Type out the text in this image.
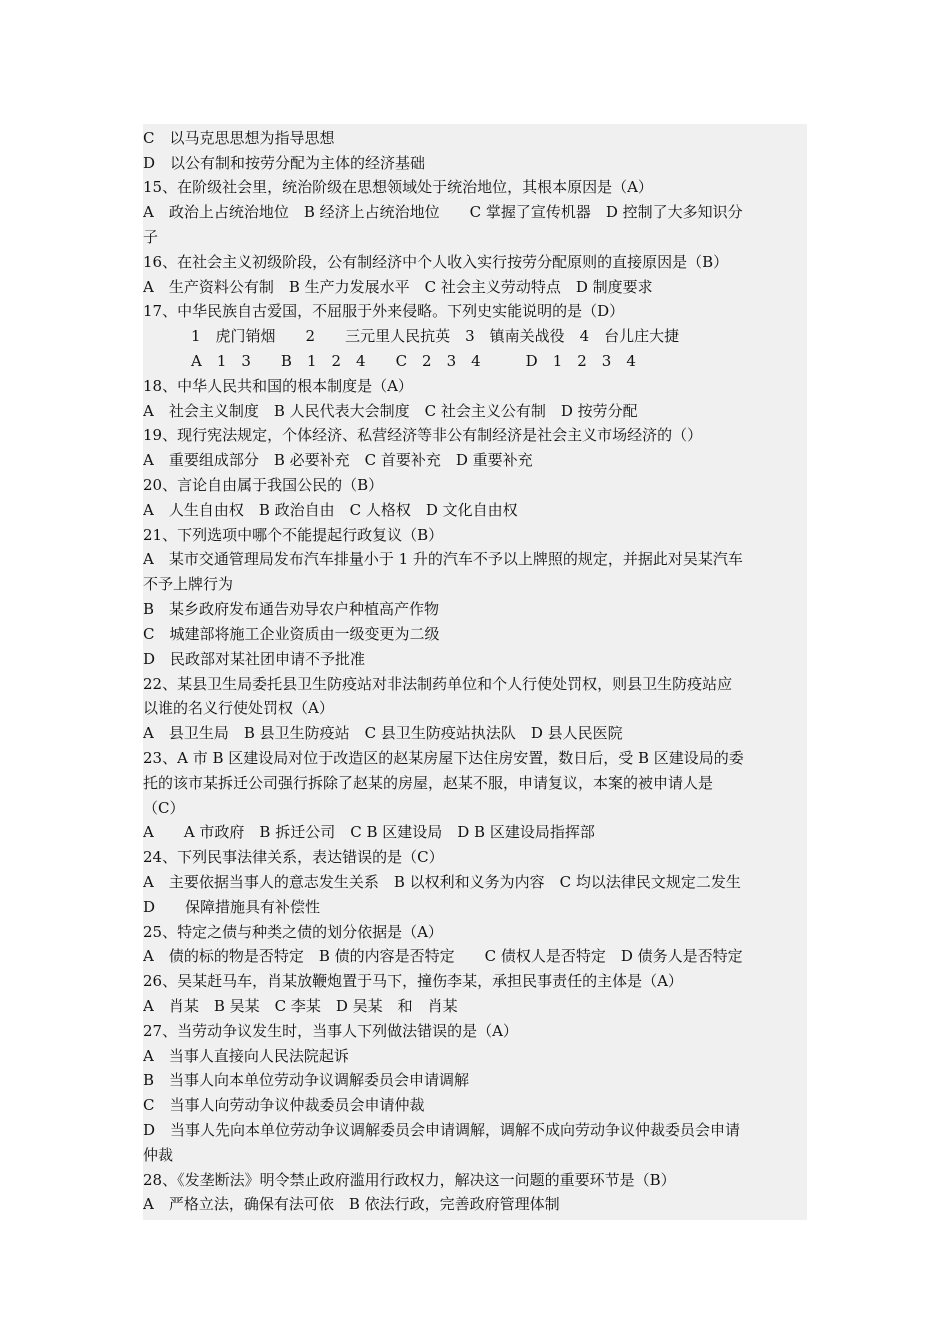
C　以马克思思想为指导思想
D　以公有制和按劳分配为主体的经济基础
15、在阶级社会里，统治阶级在思想领域处于统治地位，其根本原因是（A）
A　政治上占统治地位　B 经济上占统治地位　　C 掌握了宣传机器　D 控制了大多知识分
子
16、在社会主义初级阶段，公有制经济中个人收入实行按劳分配原则的直接原因是（B）
A　生产资料公有制　B 生产力发展水平　C 社会主义劳动特点　D 制度要求
17、中华民族自古爱国，不屈服于外来侵略。下列史实能说明的是（D）
1　虎门销烟　　2　　三元里人民抗英　3　镇南关战役　4　台儿庄大捷
A　1　3　　B　1　2　4　　C　2　3　4　　　D　1　2　3　4
18、中华人民共和国的根本制度是（A）
A　社会主义制度　B 人民代表大会制度　C 社会主义公有制　D 按劳分配
19、现行宪法规定，个体经济、私营经济等非公有制经济是社会主义市场经济的（）
A　重要组成部分　B 必要补充　C 首要补充　D 重要补充
20、言论自由属于我国公民的（B）
A　人生自由权　B 政治自由　C 人格权　D 文化自由权
21、下列选项中哪个不能提起行政复议（B）
A　某市交通管理局发布汽车排量小于 1 升的汽车不予以上牌照的规定，并据此对吴某汽车
不予上牌行为
B　某乡政府发布通告劝导农户种植高产作物
C　城建部将施工企业资质由一级变更为二级
D　民政部对某社团申请不予批准
22、某县卫生局委托县卫生防疫站对非法制药单位和个人行使处罚权，则县卫生防疫站应
以谁的名义行使处罚权（A）
A　县卫生局　B 县卫生防疫站　C 县卫生防疫站执法队　D 县人民医院
23、A 市 B 区建设局对位于改造区的赵某房屋下达住房安置，数日后，受 B 区建设局的委
托的该市某拆迁公司强行拆除了赵某的房屋，赵某不服，申请复议，本案的被申请人是
（C）
A　　A 市政府　B 拆迁公司　C B 区建设局　D B 区建设局指挥部
24、下列民事法律关系，表达错误的是（C）
A　主要依据当事人的意志发生关系　B 以权利和义务为内容　C 均以法律民文规定二发生
D　　保障措施具有补偿性
25、特定之债与种类之债的划分依据是（A）
A　债的标的物是否特定　B 债的内容是否特定　　C 债权人是否特定　D 债务人是否特定
26、吴某赶马车，肖某放鞭炮置于马下，撞伤李某，承担民事责任的主体是（A）
A　肖某　B 吴某　C 李某　D 吴某　和　肖某
27、当劳动争议发生时，当事人下列做法错误的是（A）
A　当事人直接向人民法院起诉
B　当事人向本单位劳动争议调解委员会申请调解
C　当事人向劳动争议仲裁委员会申请仲裁
D　当事人先向本单位劳动争议调解委员会申请调解，调解不成向劳动争议仲裁委员会申请
仲裁
28、《发垄断法》明令禁止政府滥用行政权力，解决这一问题的重要环节是（B）
A　严格立法，确保有法可依　B 依法行政，完善政府管理体制
